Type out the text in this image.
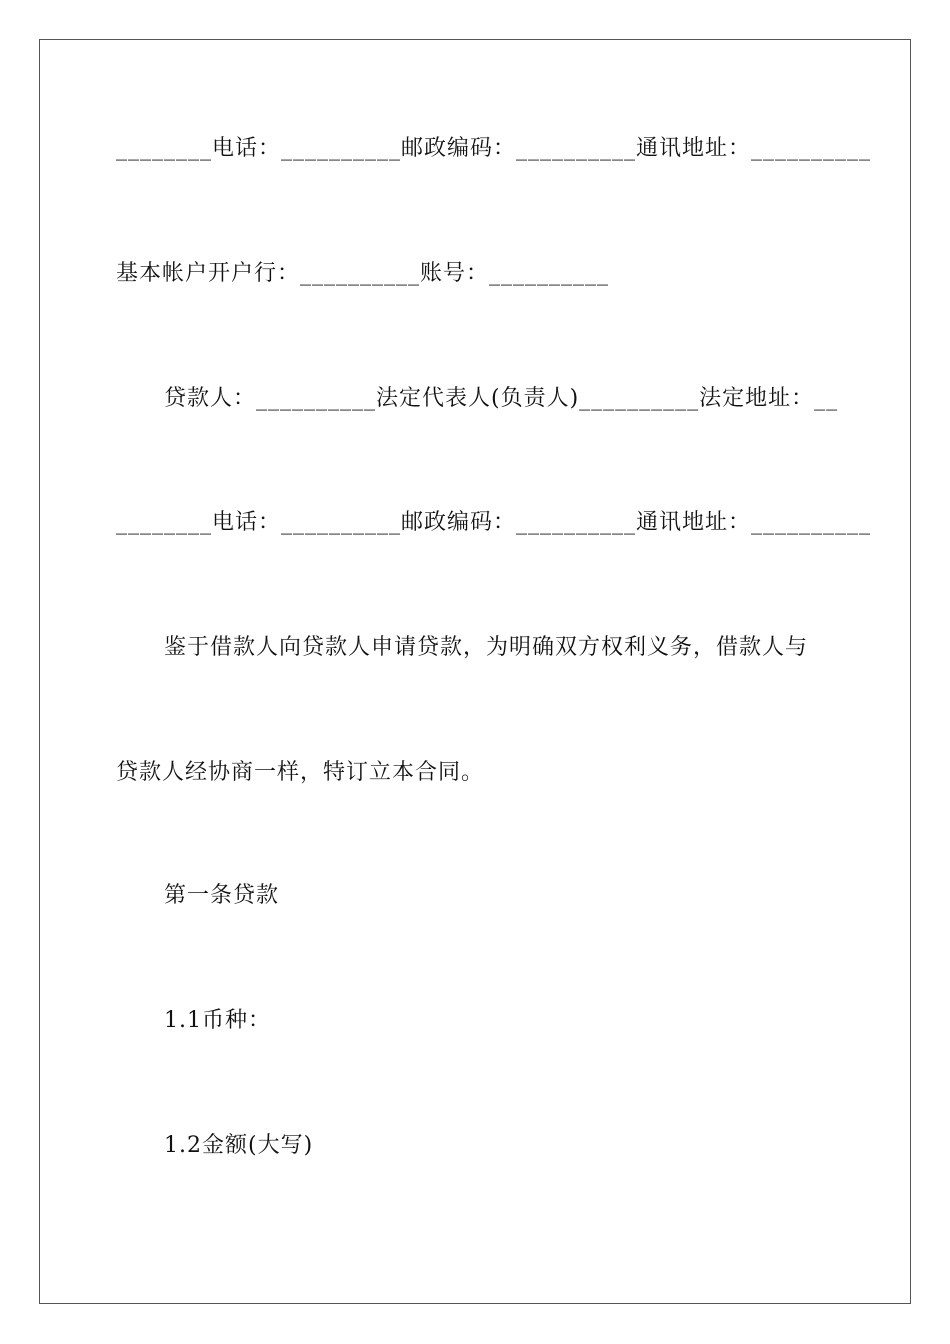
________电话：__________邮政编码：__________通讯地址：__________
基本帐户开户行：__________账号：__________
贷款人：__________法定代表人(负责人)__________法定地址：__
________电话：__________邮政编码：__________通讯地址：__________
鉴于借款人向贷款人申请贷款，为明确双方权利义务，借款人与
贷款人经协商一样，特订立本合同。
第一条贷款
1.1币种：
1.2金额(大写)
